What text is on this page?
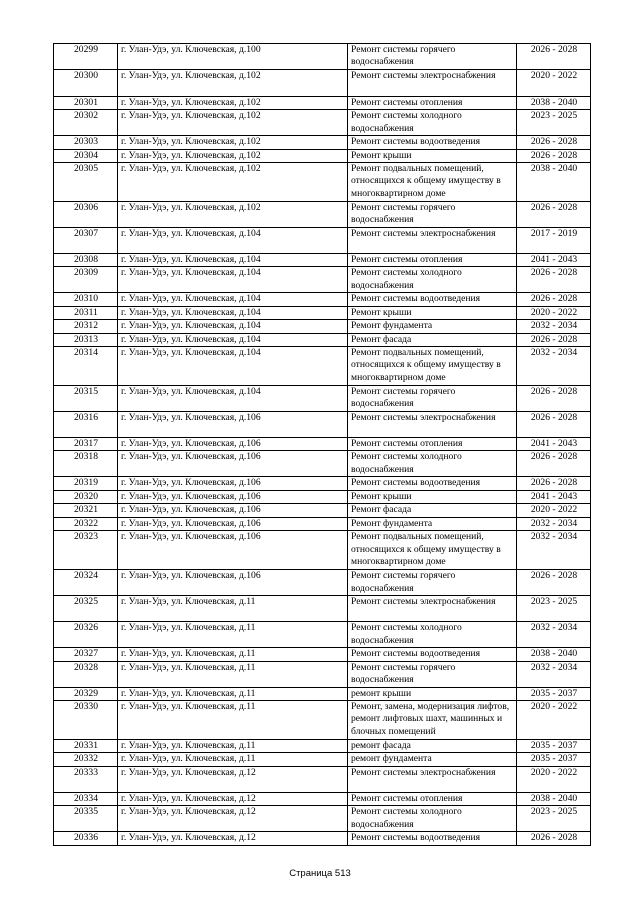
20299	г. Улан-Удэ, ул. Ключевская, д.100	Ремонт системы горячего водоснабжения	2026 - 2028
20300	г. Улан-Удэ, ул. Ключевская, д.102	Ремонт системы электроснабжения	2020 - 2022
20301	г. Улан-Удэ, ул. Ключевская, д.102	Ремонт системы отопления	2038 - 2040
20302	г. Улан-Удэ, ул. Ключевская, д.102	Ремонт системы холодного водоснабжения	2023 - 2025
20303	г. Улан-Удэ, ул. Ключевская, д.102	Ремонт системы водоотведения	2026 - 2028
20304	г. Улан-Удэ, ул. Ключевская, д.102	Ремонт крыши	2026 - 2028
20305	г. Улан-Удэ, ул. Ключевская, д.102	Ремонт подвальных помещений, относящихся к общему имуществу в многоквартирном доме	2038 - 2040
20306	г. Улан-Удэ, ул. Ключевская, д.102	Ремонт системы горячего водоснабжения	2026 - 2028
20307	г. Улан-Удэ, ул. Ключевская, д.104	Ремонт системы электроснабжения	2017 - 2019
20308	г. Улан-Удэ, ул. Ключевская, д.104	Ремонт системы отопления	2041 - 2043
20309	г. Улан-Удэ, ул. Ключевская, д.104	Ремонт системы холодного водоснабжения	2026 - 2028
20310	г. Улан-Удэ, ул. Ключевская, д.104	Ремонт системы водоотведения	2026 - 2028
20311	г. Улан-Удэ, ул. Ключевская, д.104	Ремонт крыши	2020 - 2022
20312	г. Улан-Удэ, ул. Ключевская, д.104	Ремонт фундамента	2032 - 2034
20313	г. Улан-Удэ, ул. Ключевская, д.104	Ремонт фасада	2026 - 2028
20314	г. Улан-Удэ, ул. Ключевская, д.104	Ремонт подвальных помещений, относящихся к общему имуществу в многоквартирном доме	2032 - 2034
20315	г. Улан-Удэ, ул. Ключевская, д.104	Ремонт системы горячего водоснабжения	2026 - 2028
20316	г. Улан-Удэ, ул. Ключевская, д.106	Ремонт системы электроснабжения	2026 - 2028
20317	г. Улан-Удэ, ул. Ключевская, д.106	Ремонт системы отопления	2041 - 2043
20318	г. Улан-Удэ, ул. Ключевская, д.106	Ремонт системы холодного водоснабжения	2026 - 2028
20319	г. Улан-Удэ, ул. Ключевская, д.106	Ремонт системы водоотведения	2026 - 2028
20320	г. Улан-Удэ, ул. Ключевская, д.106	Ремонт крыши	2041 - 2043
20321	г. Улан-Удэ, ул. Ключевская, д.106	Ремонт фасада	2020 - 2022
20322	г. Улан-Удэ, ул. Ключевская, д.106	Ремонт фундамента	2032 - 2034
20323	г. Улан-Удэ, ул. Ключевская, д.106	Ремонт подвальных помещений, относящихся к общему имуществу в многоквартирном доме	2032 - 2034
20324	г. Улан-Удэ, ул. Ключевская, д.106	Ремонт системы горячего водоснабжения	2026 - 2028
20325	г. Улан-Удэ, ул. Ключевская, д.11	Ремонт системы электроснабжения	2023 - 2025
20326	г. Улан-Удэ, ул. Ключевская, д.11	Ремонт системы холодного водоснабжения	2032 - 2034
20327	г. Улан-Удэ, ул. Ключевская, д.11	Ремонт системы водоотведения	2038 - 2040
20328	г. Улан-Удэ, ул. Ключевская, д.11	Ремонт системы горячего водоснабжения	2032 - 2034
20329	г. Улан-Удэ, ул. Ключевская, д.11	ремонт крыши	2035 - 2037
20330	г. Улан-Удэ, ул. Ключевская, д.11	Ремонт, замена, модернизация лифтов, ремонт лифтовых шахт, машинных и блочных помещений	2020 - 2022
20331	г. Улан-Удэ, ул. Ключевская, д.11	ремонт фасада	2035 - 2037
20332	г. Улан-Удэ, ул. Ключевская, д.11	ремонт фундамента	2035 - 2037
20333	г. Улан-Удэ, ул. Ключевская, д.12	Ремонт системы электроснабжения	2020 - 2022
20334	г. Улан-Удэ, ул. Ключевская, д.12	Ремонт системы отопления	2038 - 2040
20335	г. Улан-Удэ, ул. Ключевская, д.12	Ремонт системы холодного водоснабжения	2023 - 2025
20336	г. Улан-Удэ, ул. Ключевская, д.12	Ремонт системы водоотведения	2026 - 2028
Страница 513
